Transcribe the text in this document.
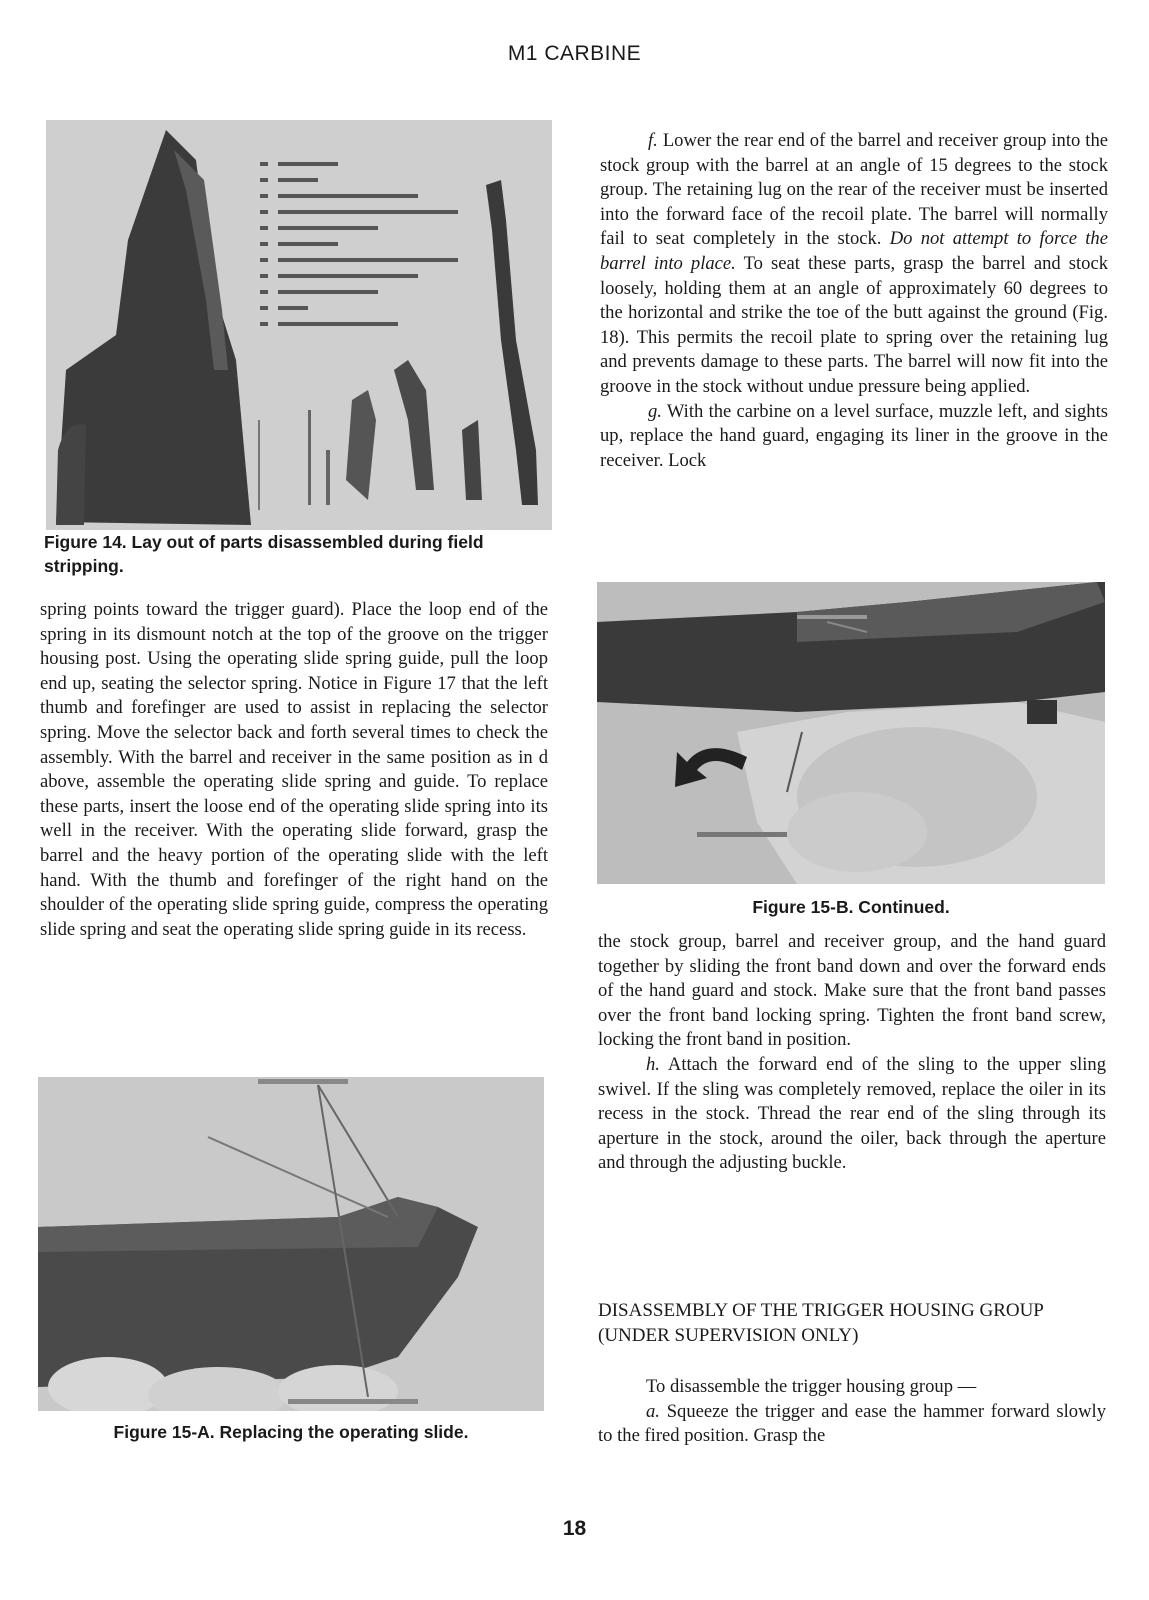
M1 CARBINE
Figure 14. Lay out of parts disassembled during field stripping.

spring points toward the trigger guard). Place the loop end of the spring in its dismount notch at the top of the groove on the trigger housing post. Using the operating slide spring guide, pull the loop end up, seating the selector spring. Notice in Figure 17 that the left thumb and forefinger are used to assist in replacing the selector spring. Move the selector back and forth several times to check the assembly. With the barrel and receiver in the same position as in d above, assemble the operating slide spring and guide. To replace these parts, insert the loose end of the operating slide spring into its well in the receiver. With the operating slide forward, grasp the barrel and the heavy portion of the operating slide with the left hand. With the thumb and forefinger of the right hand on the shoulder of the operating slide spring guide, compress the operating slide spring and seat the operating slide spring guide in its recess.

Figure 15-A. Replacing the operating slide.

f. Lower the rear end of the barrel and receiver group into the stock group with the barrel at an angle of 15 degrees to the stock group. The retaining lug on the rear of the receiver must be inserted into the forward face of the recoil plate. The barrel will normally fail to seat completely in the stock. Do not attempt to force the barrel into place. To seat these parts, grasp the barrel and stock loosely, holding them at an angle of approximately 60 degrees to the horizontal and strike the toe of the butt against the ground (Fig. 18). This permits the recoil plate to spring over the retaining lug and prevents damage to these parts. The barrel will now fit into the groove in the stock without undue pressure being applied.

g. With the carbine on a level surface, muzzle left, and sights up, replace the hand guard, engaging its liner in the groove in the receiver. Lock

Figure 15-B. Continued.

the stock group, barrel and receiver group, and the hand guard together by sliding the front band down and over the forward ends of the hand guard and stock. Make sure that the front band passes over the front band locking spring. Tighten the front band screw, locking the front band in position.

h. Attach the forward end of the sling to the upper sling swivel. If the sling was completely removed, replace the oiler in its recess in the stock. Thread the rear end of the sling through its aperture in the stock, around the oiler, back through the aperture and through the adjusting buckle.

DISASSEMBLY OF THE TRIGGER HOUSING GROUP (UNDER SUPERVISION ONLY)

To disassemble the trigger housing group —

a. Squeeze the trigger and ease the hammer forward slowly to the fired position. Grasp the

18
